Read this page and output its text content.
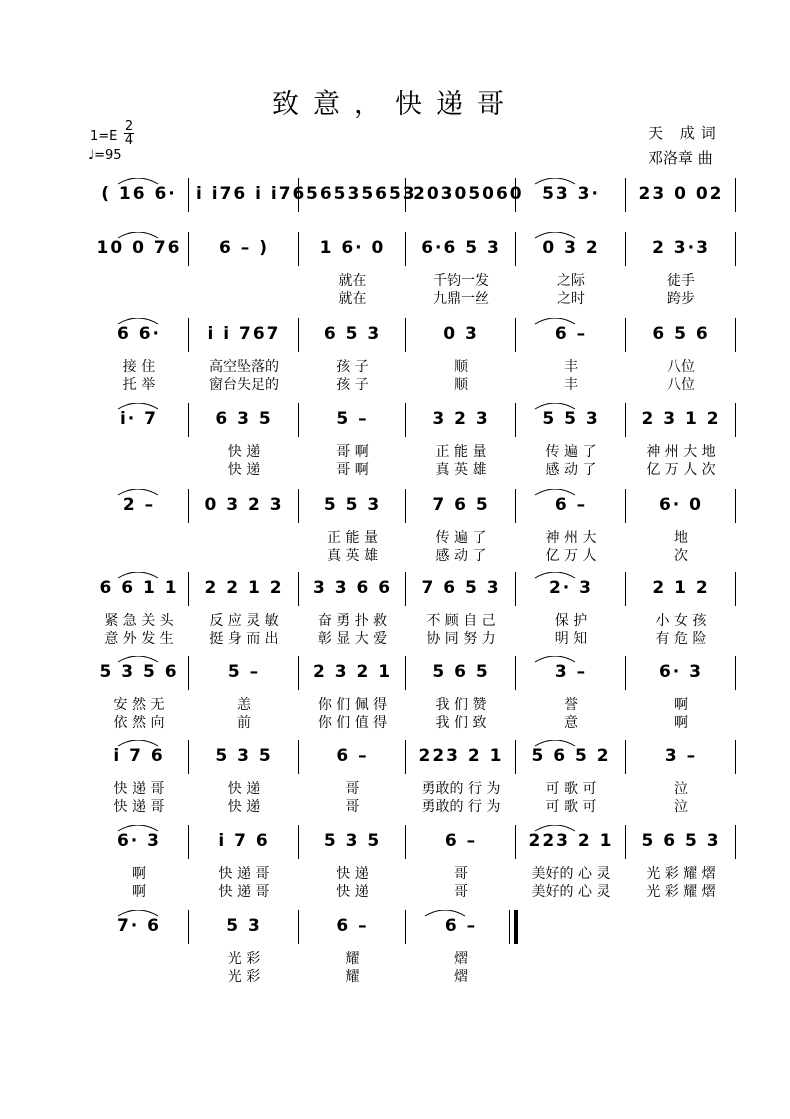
致意，快递哥
1=E
2
4
♩=95
天 成词
邓洛章 曲
( 16 6·	i i76 i i76 56535653
20305060	53 3·	23 0 02
10 0 76	6 – )	1 6· 0	6·6 5 3	0 3 2	2 3·3
就在	千钧一发	之际	徒手
就在	九鼎一丝	之时	跨步
6 6·	i i 767	6 5 3	0 3	6 –	6 5 6
接 住	高空坠落的	孩 子	顺	丰	八位
托 举	窗台失足的	孩 子	顺	丰	八位
i· 7	6 3 5	5 –	3 2 3	5 5 3	2 3 1 2
快 递	哥 啊	正 能 量	传 遍 了	神 州 大 地
快 递	哥 啊	真 英 雄	感 动 了	亿 万 人 次
2 –	0 3 2 3	5 5 3	7 6 5	6 –	6· 0
正 能 量	传 遍 了	神 州 大	地
真 英 雄	感 动 了	亿 万 人	次
6 6 1 1	2 2 1 2	3 3 6 6	7 6 5 3	2· 3	2 1 2
紧 急 关 头	反 应 灵 敏	奋 勇 扑 救	不 顾 自 己	保 护	小 女 孩
意 外 发 生	挺 身 而 出	彰 显 大 爱	协 同 努 力	明 知	有 危 险
5 3 5 6	5 –	2 3 2 1	5 6 5	3 –	6· 3
安 然 无	恙	你 们 佩 得	我 们 赞	誉	啊
依 然 向	前	你 们 值 得	我 们 致	意	啊
i 7 6	5 3 5	6 –	223 2 1	5 6 5 2	3 –
快 递 哥	快 递	哥	勇敢的 行 为	可 歌 可	泣
快 递 哥	快 递	哥	勇敢的 行 为	可 歌 可	泣
6· 3	i 7 6	5 3 5	6 –	223 2 1	5 6 5 3
啊	快 递 哥	快 递	哥	美好的 心 灵	光 彩 耀 熠
啊	快 递 哥	快 递	哥	美好的 心 灵	光 彩 耀 熠
7· 6	5 3	6 –	6 –
光 彩	耀	熠
光 彩	耀	熠
